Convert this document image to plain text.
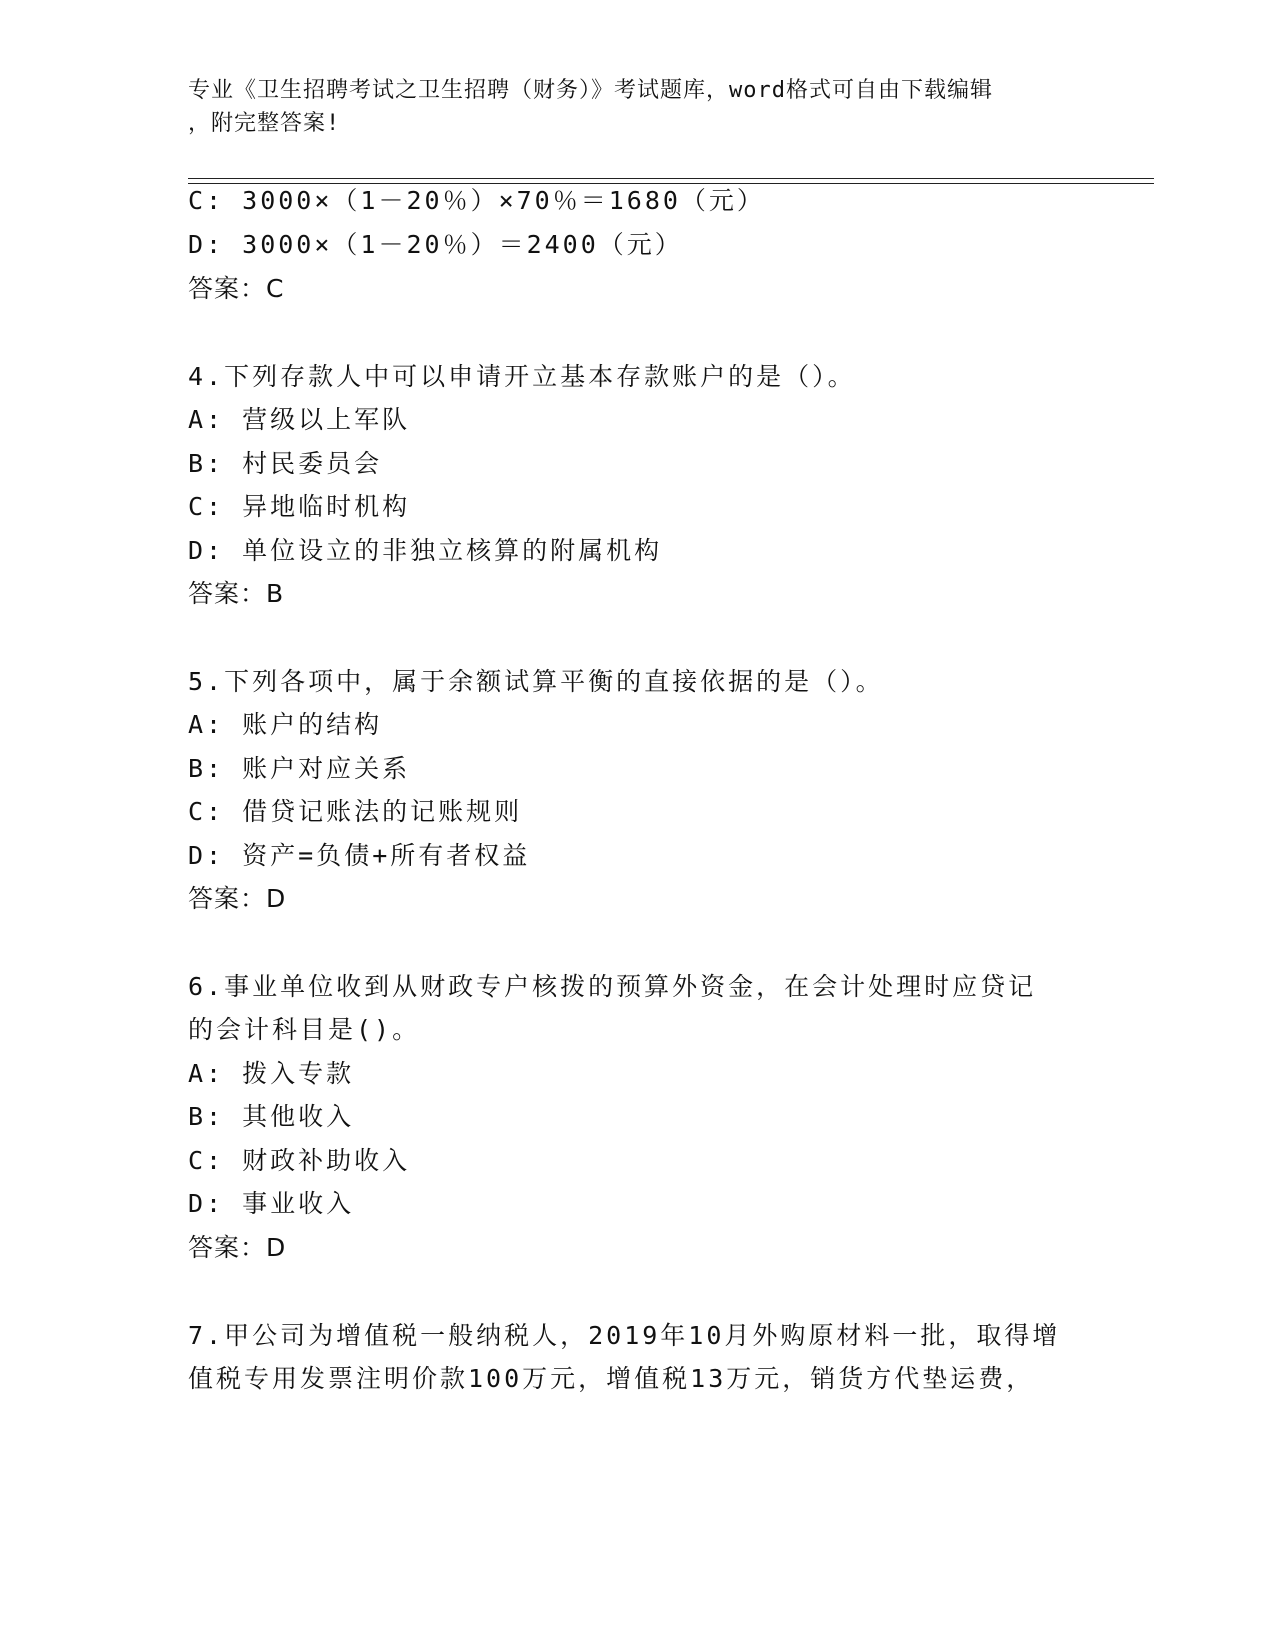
专业《卫生招聘考试之卫生招聘（财务）》考试题库，word格式可自由下载编辑
，附完整答案!
C: 3000×（1－20％）×70％＝1680（元）
D: 3000×（1－20％）＝2400（元）
答案：C
4.下列存款人中可以申请开立基本存款账户的是（）。
A: 营级以上军队
B: 村民委员会
C: 异地临时机构
D: 单位设立的非独立核算的附属机构
答案：B
5.下列各项中，属于余额试算平衡的直接依据的是（）。
A: 账户的结构
B: 账户对应关系
C: 借贷记账法的记账规则
D: 资产=负债+所有者权益
答案：D
6.事业单位收到从财政专户核拨的预算外资金，在会计处理时应贷记
的会计科目是()。
A: 拨入专款
B: 其他收入
C: 财政补助收入
D: 事业收入
答案：D
7.甲公司为增值税一般纳税人，2019年10月外购原材料一批，取得增
值税专用发票注明价款100万元，增值税13万元，销货方代垫运费，
